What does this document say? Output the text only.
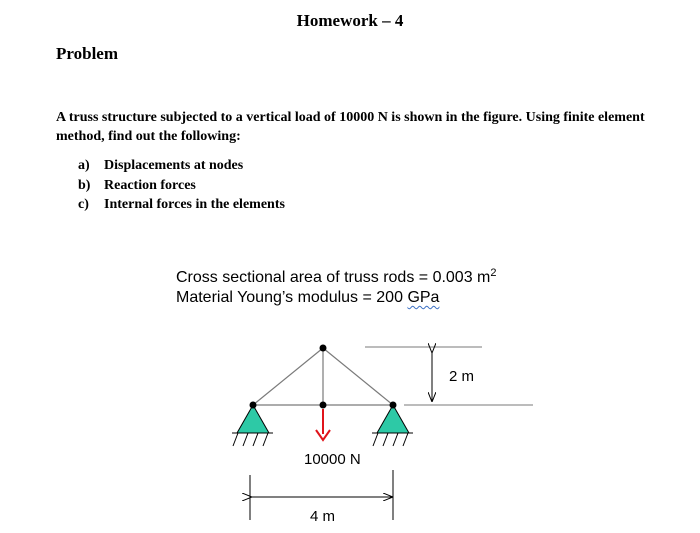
Homework – 4
Problem
A truss structure subjected to a vertical load of 10000 N is shown in the figure. Using finite element method, find out the following:
a) Displacements at nodes
b) Reaction forces
c) Internal forces in the elements
Cross sectional area of truss rods = 0.003 $m^2$
Material Young’s modulus = 200 GPa
2 m
10000 N
4 m
